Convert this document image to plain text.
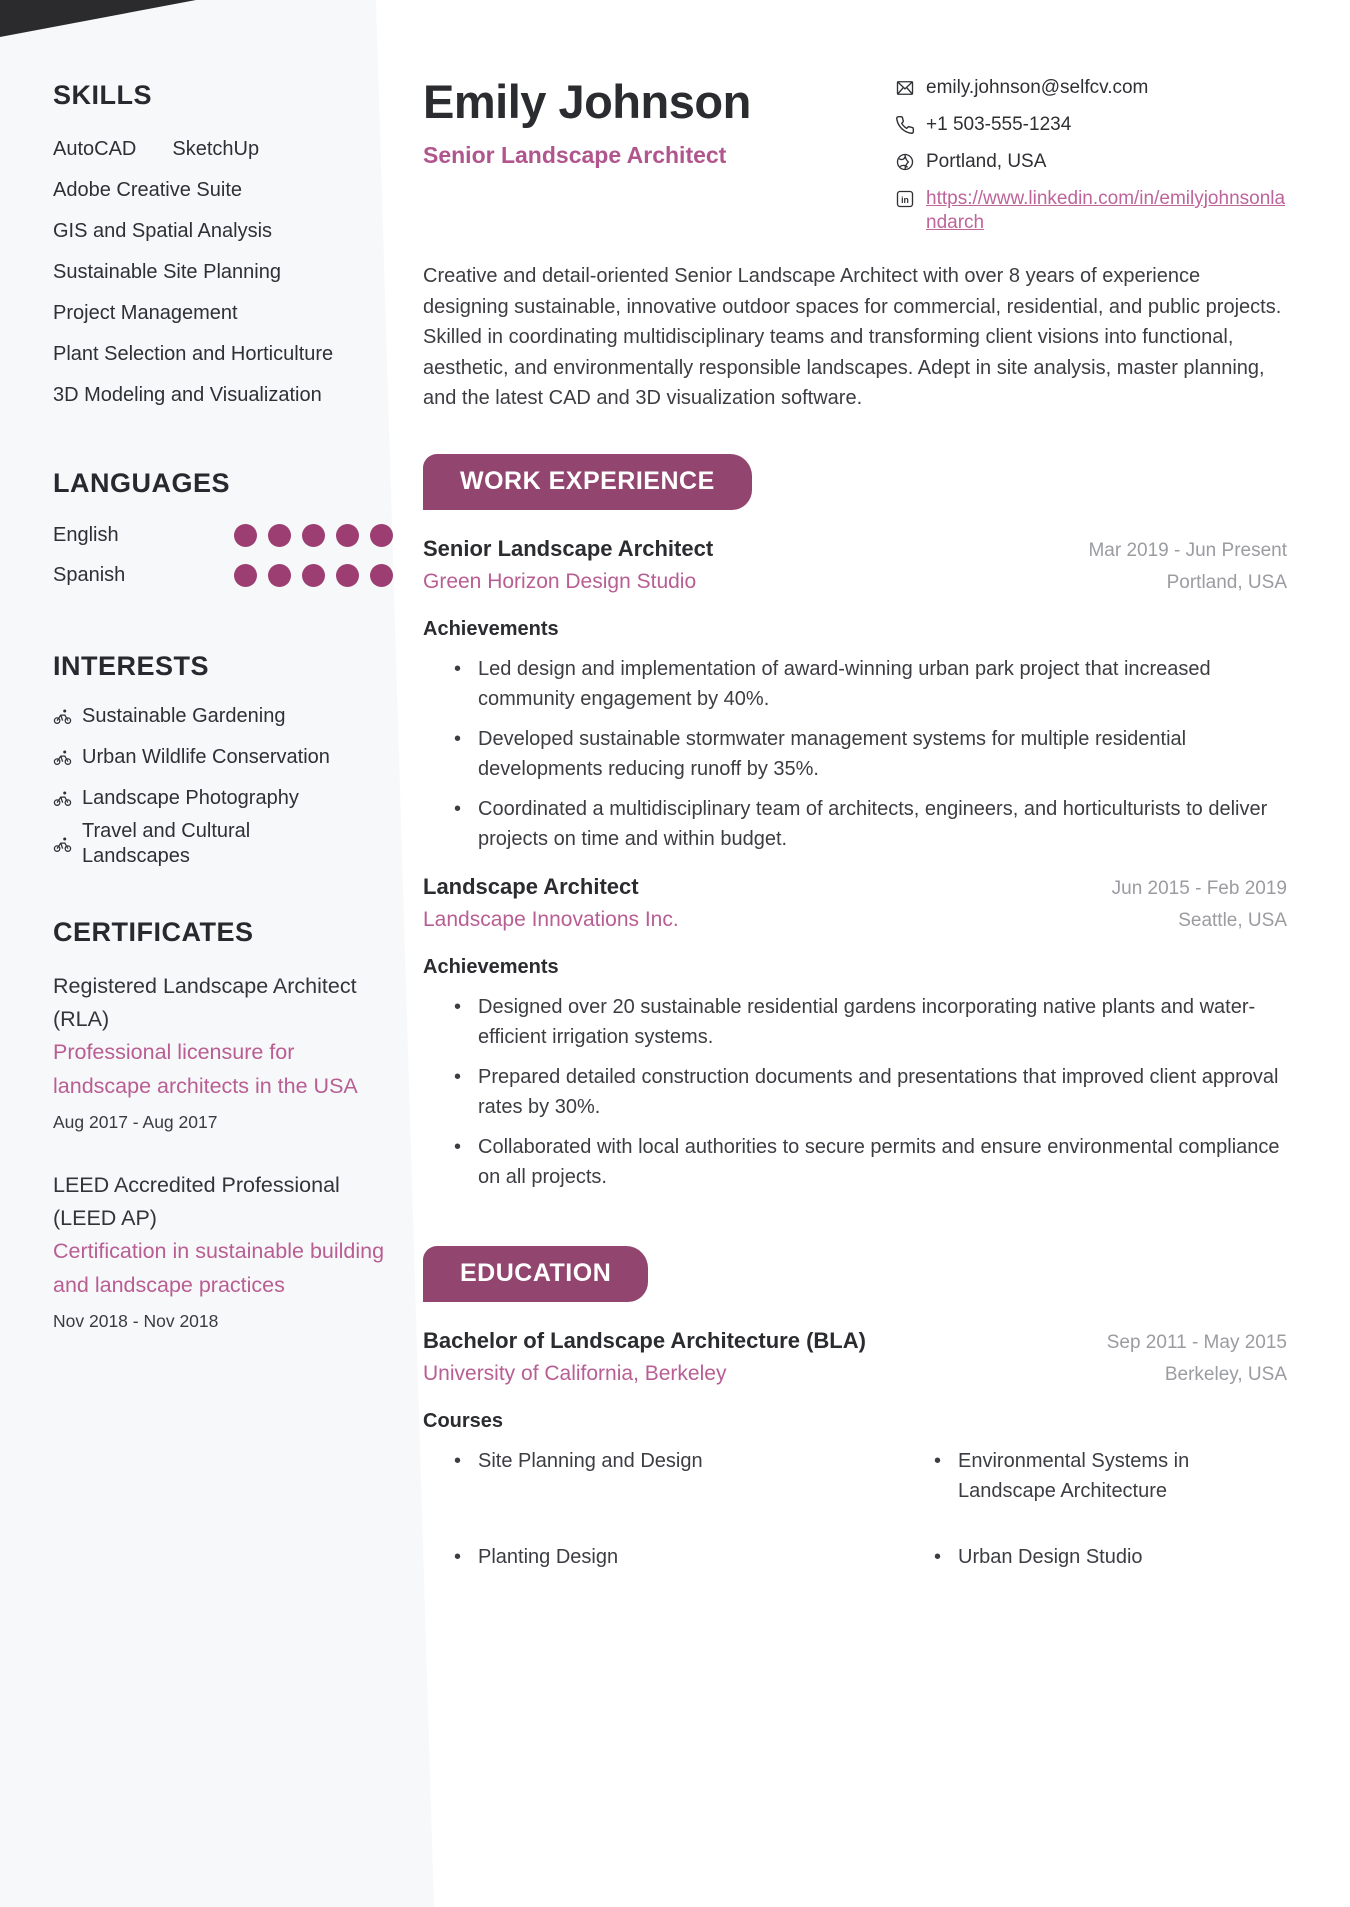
SKILLS
AutoCAD SketchUp
Adobe Creative Suite
GIS and Spatial Analysis
Sustainable Site Planning
Project Management
Plant Selection and Horticulture
3D Modeling and Visualization
LANGUAGES
English
Spanish
INTERESTS
Sustainable Gardening
Urban Wildlife Conservation
Landscape Photography
Travel and Cultural Landscapes
CERTIFICATES
Registered Landscape Architect (RLA)
Professional licensure for landscape architects in the USA
Aug 2017 - Aug 2017
LEED Accredited Professional (LEED AP)
Certification in sustainable building and landscape practices
Nov 2018 - Nov 2018
Emily Johnson
Senior Landscape Architect
emily.johnson@selfcv.com
+1 503-555-1234
Portland, USA
in https://www.linkedin.com/in/emilyjohnsonlandarch

Creative and detail-oriented Senior Landscape Architect with over 8 years of experience designing sustainable, innovative outdoor spaces for commercial, residential, and public projects. Skilled in coordinating multidisciplinary teams and transforming client visions into functional, aesthetic, and environmentally responsible landscapes. Adept in site analysis, master planning, and the latest CAD and 3D visualization software.

WORK EXPERIENCE
Senior Landscape Architect	Mar 2019 - Jun Present
Green Horizon Design Studio	Portland, USA
Achievements
• Led design and implementation of award-winning urban park project that increased community engagement by 40%.
• Developed sustainable stormwater management systems for multiple residential developments reducing runoff by 35%.
• Coordinated a multidisciplinary team of architects, engineers, and horticulturists to deliver projects on time and within budget.
Landscape Architect	Jun 2015 - Feb 2019
Landscape Innovations Inc.	Seattle, USA
Achievements
• Designed over 20 sustainable residential gardens incorporating native plants and water-efficient irrigation systems.
• Prepared detailed construction documents and presentations that improved client approval rates by 30%.
• Collaborated with local authorities to secure permits and ensure environmental compliance on all projects.
EDUCATION
Bachelor of Landscape Architecture (BLA)	Sep 2011 - May 2015
University of California, Berkeley	Berkeley, USA
Courses
• Site Planning and Design	• Environmental Systems in Landscape Architecture
• Planting Design	• Urban Design Studio
